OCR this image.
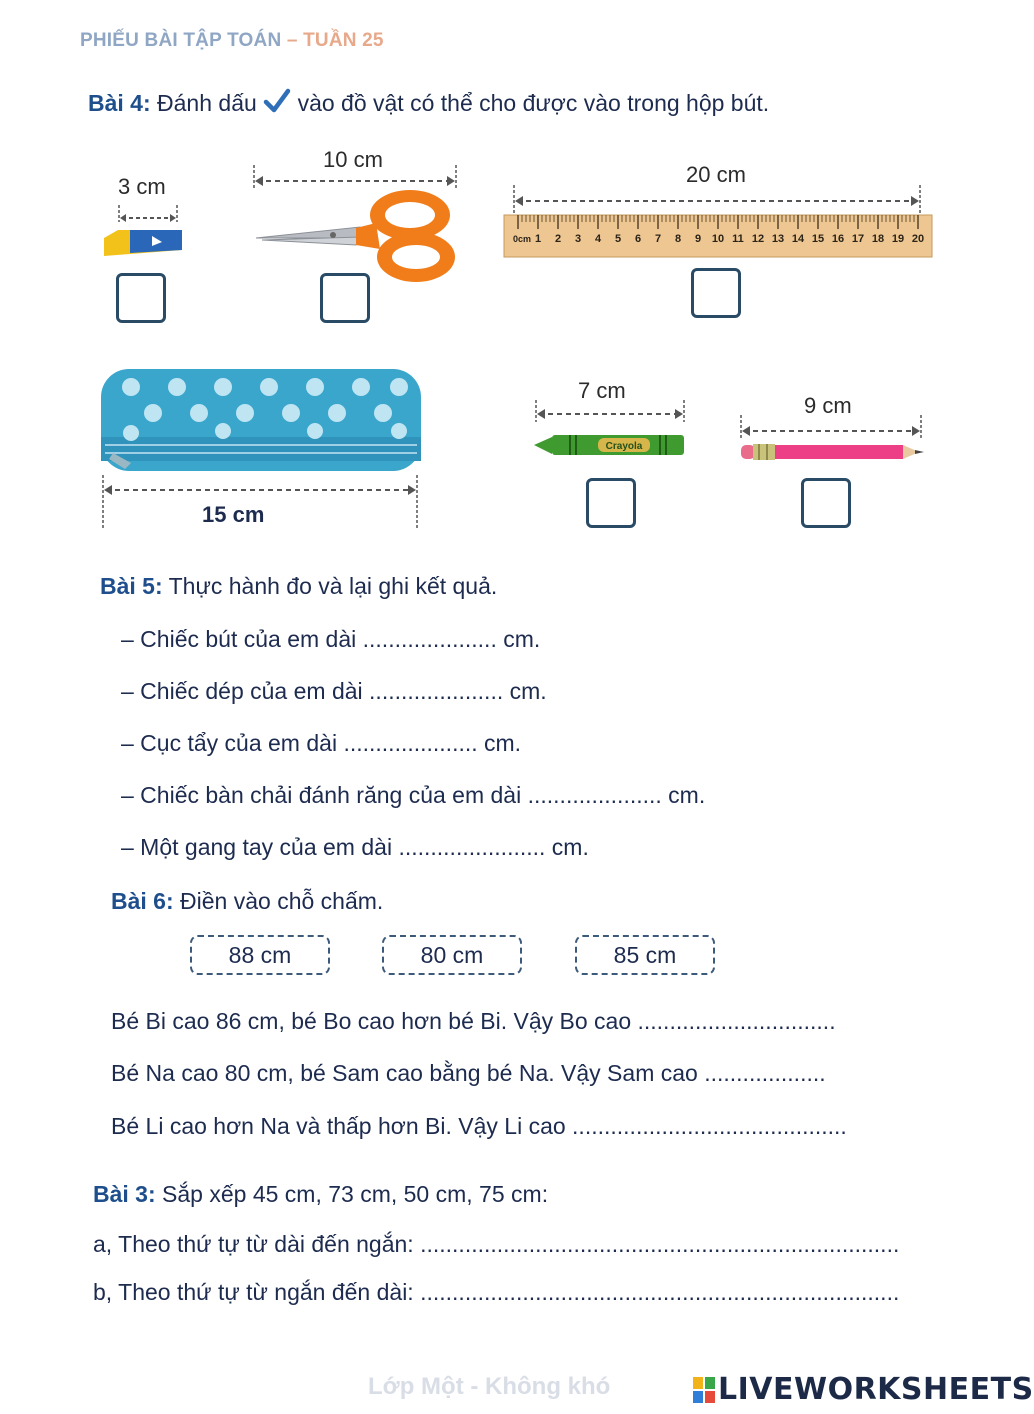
PHIẾU BÀI TẬP TOÁN – TUẦN 25
Bài 4: Đánh dấu  vào đồ vật có thể cho được vào trong hộp bút.
3 cm
10 cm
20 cm
0cm 1 2 3 4 5 6 7 8 9 10 11 12 13 14 15 16 17 18 19 20
15 cm
7 cm
Crayola
9 cm
Bài 5: Thực hành đo và lại ghi kết quả.
– Chiếc bút của em dài ..................... cm.
– Chiếc dép của em dài ..................... cm.
– Cục tẩy của em dài ..................... cm.
– Chiếc bàn chải đánh răng của em dài ..................... cm.
– Một gang tay của em dài ....................... cm.
Bài 6: Điền vào chỗ chấm.
88 cm	80 cm	85 cm
Bé Bi cao 86 cm, bé Bo cao hơn bé Bi. Vậy Bo cao ...............................
Bé Na cao 80 cm, bé Sam cao bằng bé Na. Vậy Sam cao ...................
Bé Li cao hơn Na và thấp hơn Bi. Vậy Li cao ...........................................
Bài 3: Sắp xếp 45 cm, 73 cm, 50 cm, 75 cm:
a, Theo thứ tự từ dài đến ngắn: ...........................................................................
b, Theo thứ tự từ ngắn đến dài: ...........................................................................
Lớp Một - Không khó	LIVEWORKSHEETS
